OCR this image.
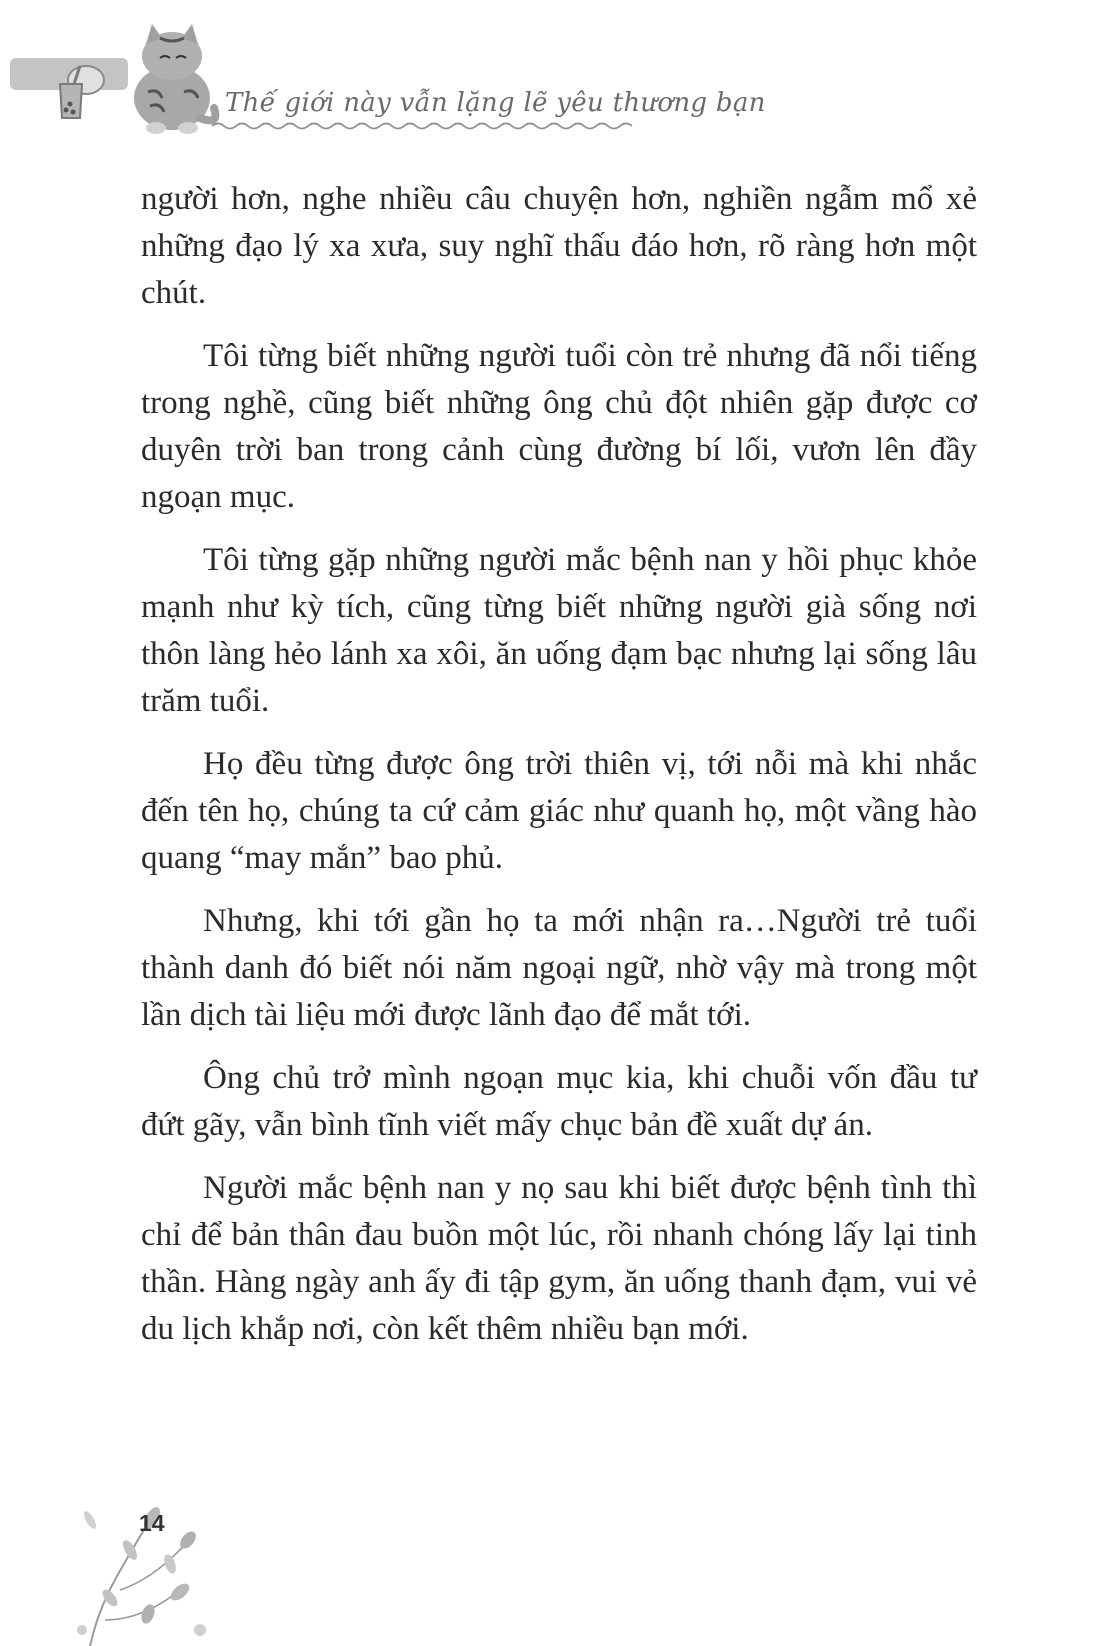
Thế giới này vẫn lặng lẽ yêu thương bạn

người hơn, nghe nhiều câu chuyện hơn, nghiền ngẫm mổ xẻ những đạo lý xa xưa, suy nghĩ thấu đáo hơn, rõ ràng hơn một chút.

Tôi từng biết những người tuổi còn trẻ nhưng đã nổi tiếng trong nghề, cũng biết những ông chủ đột nhiên gặp được cơ duyên trời ban trong cảnh cùng đường bí lối, vươn lên đầy ngoạn mục.

Tôi từng gặp những người mắc bệnh nan y hồi phục khỏe mạnh như kỳ tích, cũng từng biết những người già sống nơi thôn làng hẻo lánh xa xôi, ăn uống đạm bạc nhưng lại sống lâu trăm tuổi.

Họ đều từng được ông trời thiên vị, tới nỗi mà khi nhắc đến tên họ, chúng ta cứ cảm giác như quanh họ, một vầng hào quang “may mắn” bao phủ.

Nhưng, khi tới gần họ ta mới nhận ra…Người trẻ tuổi thành danh đó biết nói năm ngoại ngữ, nhờ vậy mà trong một lần dịch tài liệu mới được lãnh đạo để mắt tới.

Ông chủ trở mình ngoạn mục kia, khi chuỗi vốn đầu tư đứt gãy, vẫn bình tĩnh viết mấy chục bản đề xuất dự án.

Người mắc bệnh nan y nọ sau khi biết được bệnh tình thì chỉ để bản thân đau buồn một lúc, rồi nhanh chóng lấy lại tinh thần. Hàng ngày anh ấy đi tập gym, ăn uống thanh đạm, vui vẻ du lịch khắp nơi, còn kết thêm nhiều bạn mới.

14
